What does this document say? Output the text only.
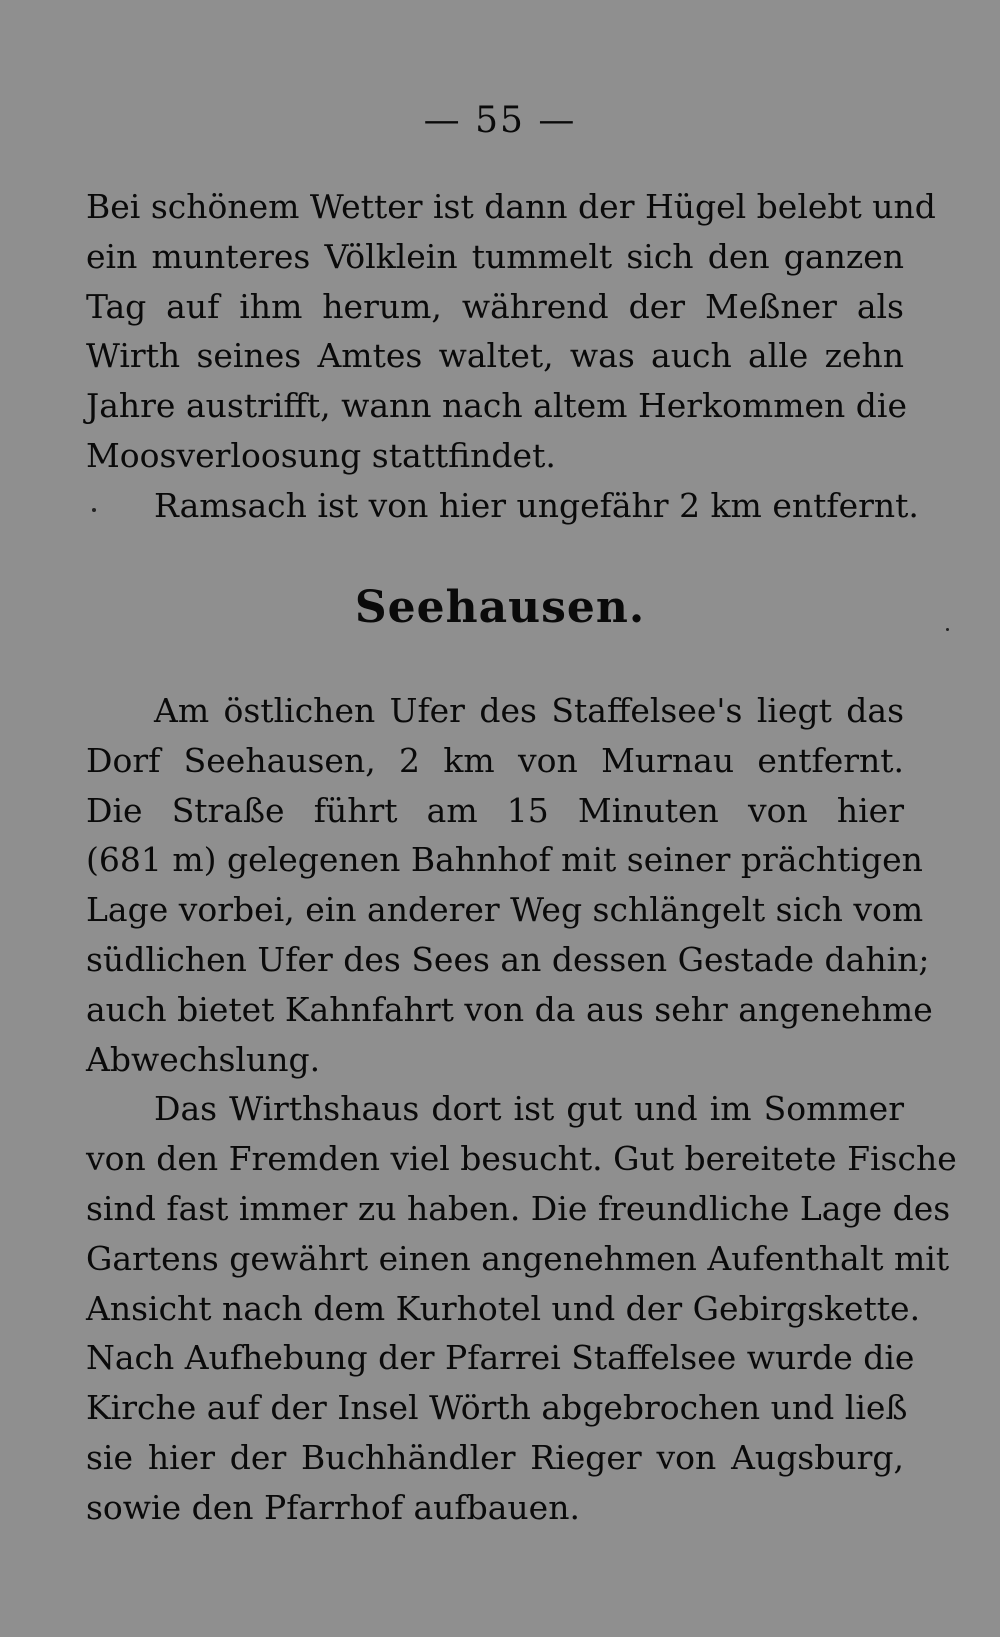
— 55 —
Bei schönem Wetter ist dann der Hügel belebt und
ein munteres Völklein tummelt sich den ganzen
Tag auf ihm herum, während der Meßner als
Wirth seines Amtes waltet, was auch alle zehn
Jahre austrifft, wann nach altem Herkommen die
Moosverloosung stattfindet.
Ramsach ist von hier ungefähr 2 km entfernt.
Seehausen.
Am östlichen Ufer des Staffelsee's liegt das
Dorf Seehausen, 2 km von Murnau entfernt.
Die Straße führt am 15 Minuten von hier
(681 m) gelegenen Bahnhof mit seiner prächtigen
Lage vorbei, ein anderer Weg schlängelt sich vom
südlichen Ufer des Sees an dessen Gestade dahin;
auch bietet Kahnfahrt von da aus sehr angenehme
Abwechslung.
Das Wirthshaus dort ist gut und im Sommer
von den Fremden viel besucht. Gut bereitete Fische
sind fast immer zu haben. Die freundliche Lage des
Gartens gewährt einen angenehmen Aufenthalt mit
Ansicht nach dem Kurhotel und der Gebirgskette.
Nach Aufhebung der Pfarrei Staffelsee wurde die
Kirche auf der Insel Wörth abgebrochen und ließ
sie hier der Buchhändler Rieger von Augsburg,
sowie den Pfarrhof aufbauen.
